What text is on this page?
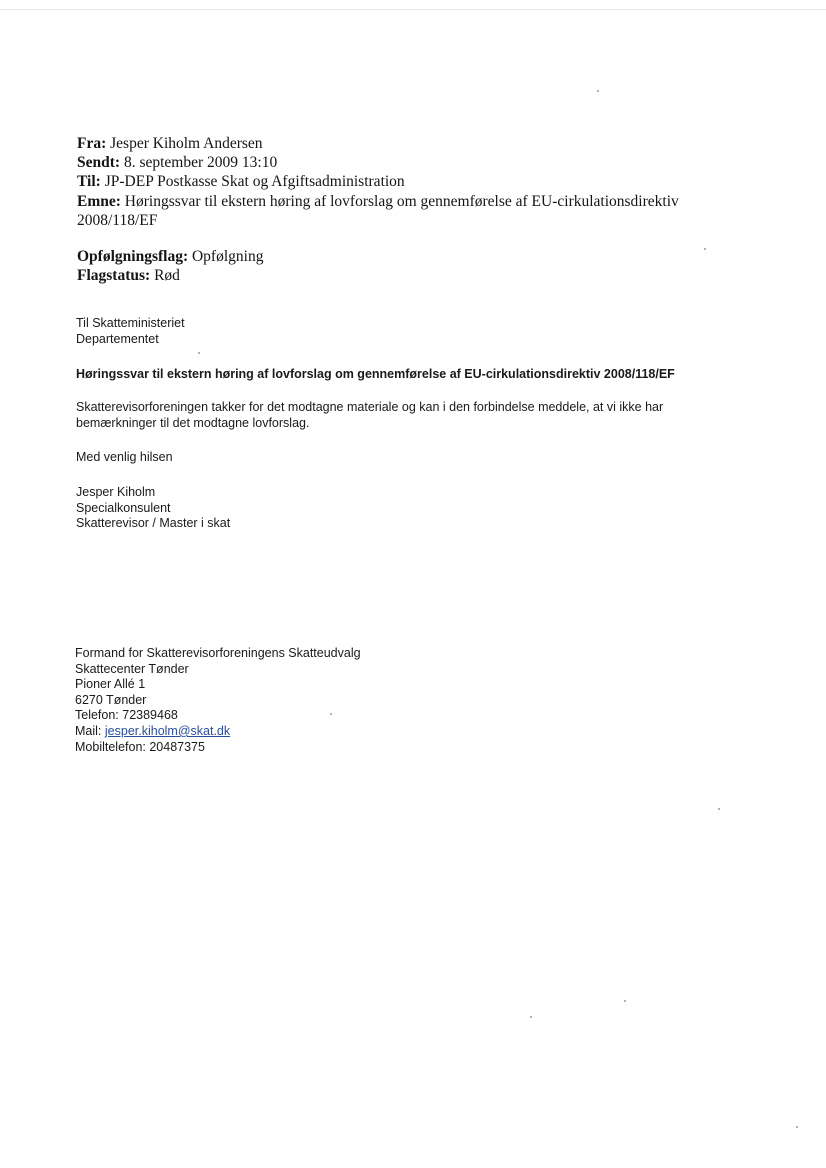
Fra: Jesper Kiholm Andersen
Sendt: 8. september 2009 13:10
Til: JP-DEP Postkasse Skat og Afgiftsadministration
Emne: Høringssvar til ekstern høring af lovforslag om gennemførelse af EU-cirkulationsdirektiv
2008/118/EF
Opfølgningsflag: Opfølgning
Flagstatus: Rød
Til Skatteministeriet
Departementet
Høringssvar til ekstern høring af lovforslag om gennemførelse af EU-cirkulationsdirektiv 2008/118/EF
Skatterevisorforeningen takker for det modtagne materiale og kan i den forbindelse meddele, at vi ikke har
bemærkninger til det modtagne lovforslag.
Med venlig hilsen
Jesper Kiholm
Specialkonsulent
Skatterevisor / Master i skat
Formand for Skatterevisorforeningens Skatteudvalg
Skattecenter Tønder
Pioner Allé 1
6270 Tønder
Telefon: 72389468
Mail: jesper.kiholm@skat.dk
Mobiltelefon: 20487375
